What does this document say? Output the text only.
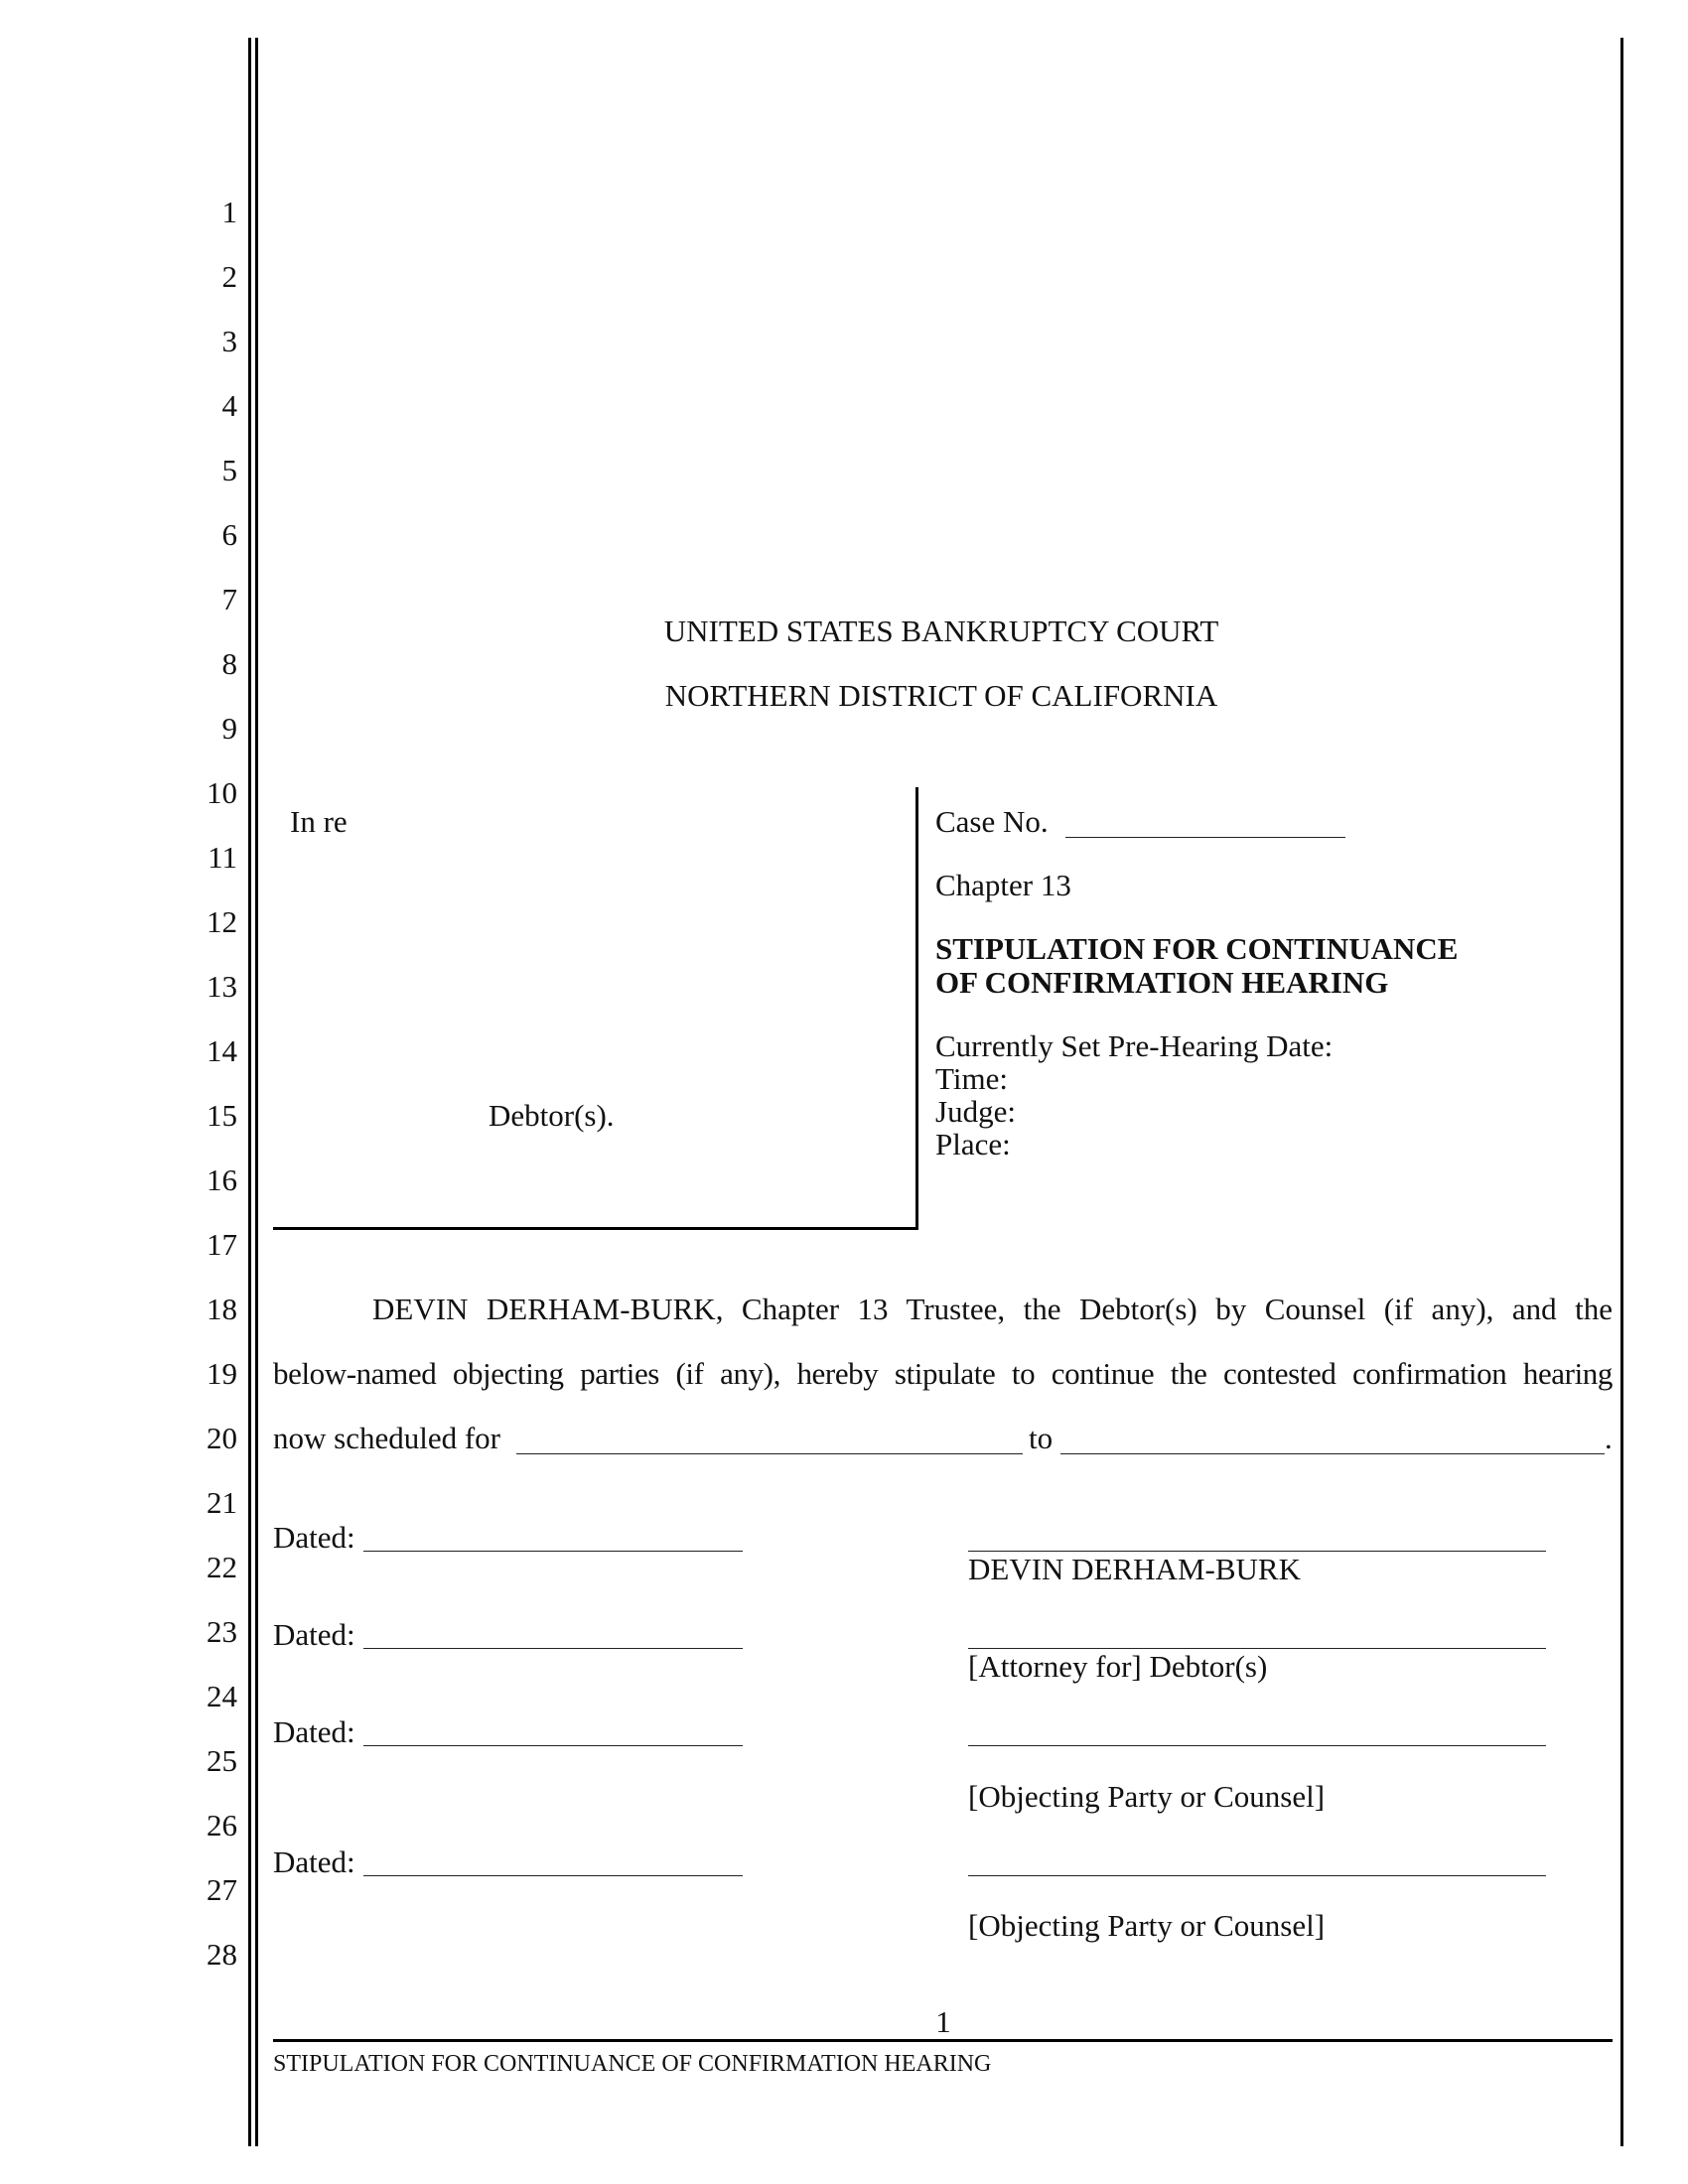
1
2
3
4
5
6
7
8
9
10
11
12
13
14
15
16
17
18
19
20
21
22
23
24
25
26
27
28
UNITED STATES BANKRUPTCY COURT
NORTHERN DISTRICT OF CALIFORNIA
In re
Debtor(s).
Case No.
Chapter 13
STIPULATION FOR CONTINUANCE
OF CONFIRMATION HEARING
Currently Set Pre-Hearing Date:
Time:
Judge:
Place:
DEVIN DERHAM-BURK, Chapter 13 Trustee, the Debtor(s) by Counsel (if any), and the
below-named objecting parties (if any), hereby stipulate to continue the contested confirmation hearing
now scheduled for	to	.
Dated:
DEVIN DERHAM-BURK
Dated:
[Attorney for] Debtor(s)
Dated:
[Objecting Party or Counsel]
Dated:
[Objecting Party or Counsel]
1
STIPULATION FOR CONTINUANCE OF CONFIRMATION HEARING
